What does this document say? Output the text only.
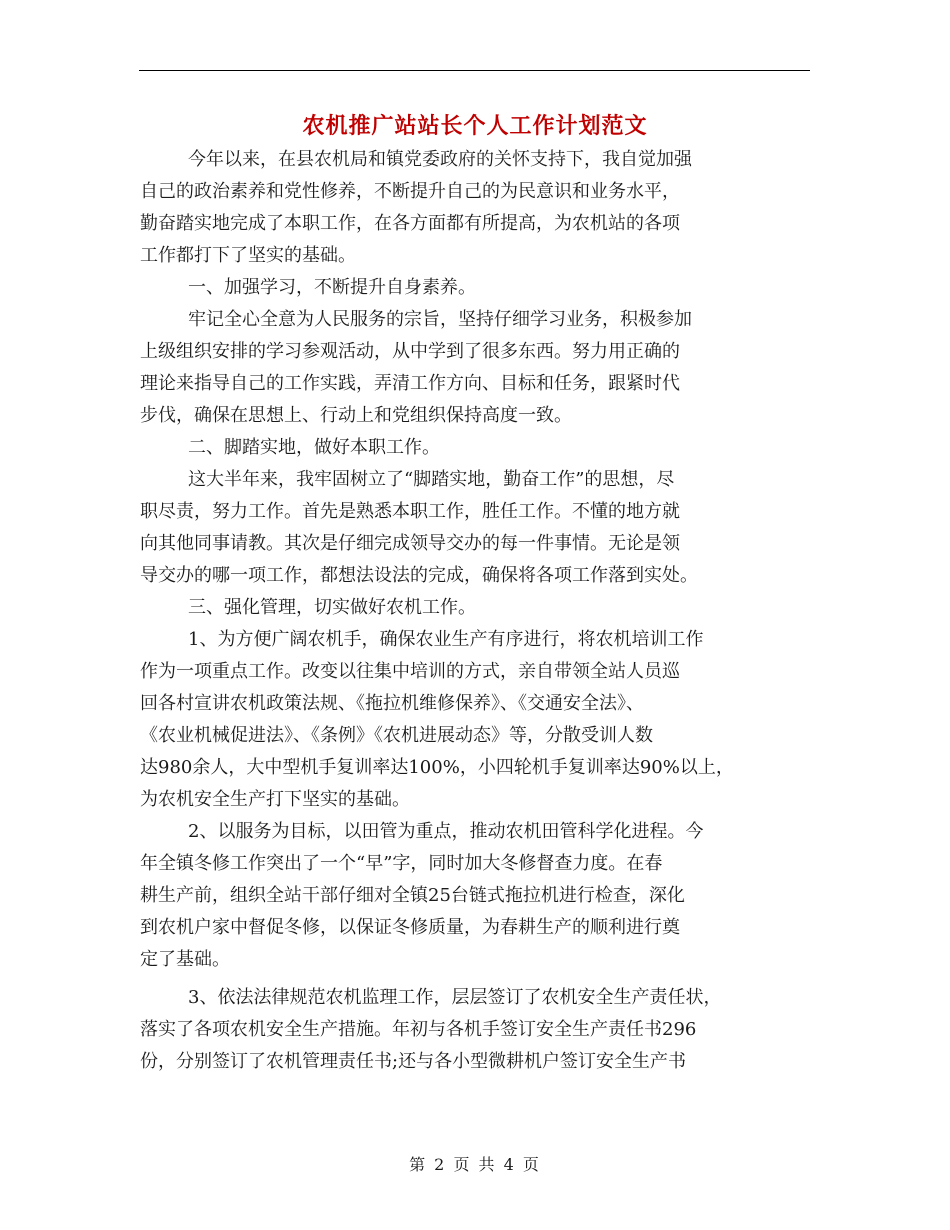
农机推广站站长个人工作计划范文
今年以来，在县农机局和镇党委政府的关怀支持下，我自觉加强
自己的政治素养和党性修养，不断提升自己的为民意识和业务水平，
勤奋踏实地完成了本职工作，在各方面都有所提高，为农机站的各项
工作都打下了坚实的基础。
一、加强学习，不断提升自身素养。
牢记全心全意为人民服务的宗旨，坚持仔细学习业务，积极参加
上级组织安排的学习参观活动，从中学到了很多东西。努力用正确的
理论来指导自己的工作实践，弄清工作方向、目标和任务，跟紧时代
步伐，确保在思想上、行动上和党组织保持高度一致。
二、脚踏实地，做好本职工作。
这大半年来，我牢固树立了“脚踏实地，勤奋工作”的思想，尽
职尽责，努力工作。首先是熟悉本职工作，胜任工作。不懂的地方就
向其他同事请教。其次是仔细完成领导交办的每一件事情。无论是领
导交办的哪一项工作，都想法设法的完成，确保将各项工作落到实处。
三、强化管理，切实做好农机工作。
1、为方便广阔农机手，确保农业生产有序进行，将农机培训工作
作为一项重点工作。改变以往集中培训的方式，亲自带领全站人员巡
回各村宣讲农机政策法规、《拖拉机维修保养》、《交通安全法》、
《农业机械促进法》、《条例》《农机进展动态》等，分散受训人数
达980余人，大中型机手复训率达100%，小四轮机手复训率达90%以上，
为农机安全生产打下坚实的基础。
2、以服务为目标，以田管为重点，推动农机田管科学化进程。今
年全镇冬修工作突出了一个“早”字，同时加大冬修督查力度。在春
耕生产前，组织全站干部仔细对全镇25台链式拖拉机进行检查，深化
到农机户家中督促冬修，以保证冬修质量，为春耕生产的顺利进行奠
定了基础。
3、依法法律规范农机监理工作，层层签订了农机安全生产责任状，
落实了各项农机安全生产措施。年初与各机手签订安全生产责任书296
份，分别签订了农机管理责任书;还与各小型微耕机户签订安全生产书
第 2 页 共 4 页
